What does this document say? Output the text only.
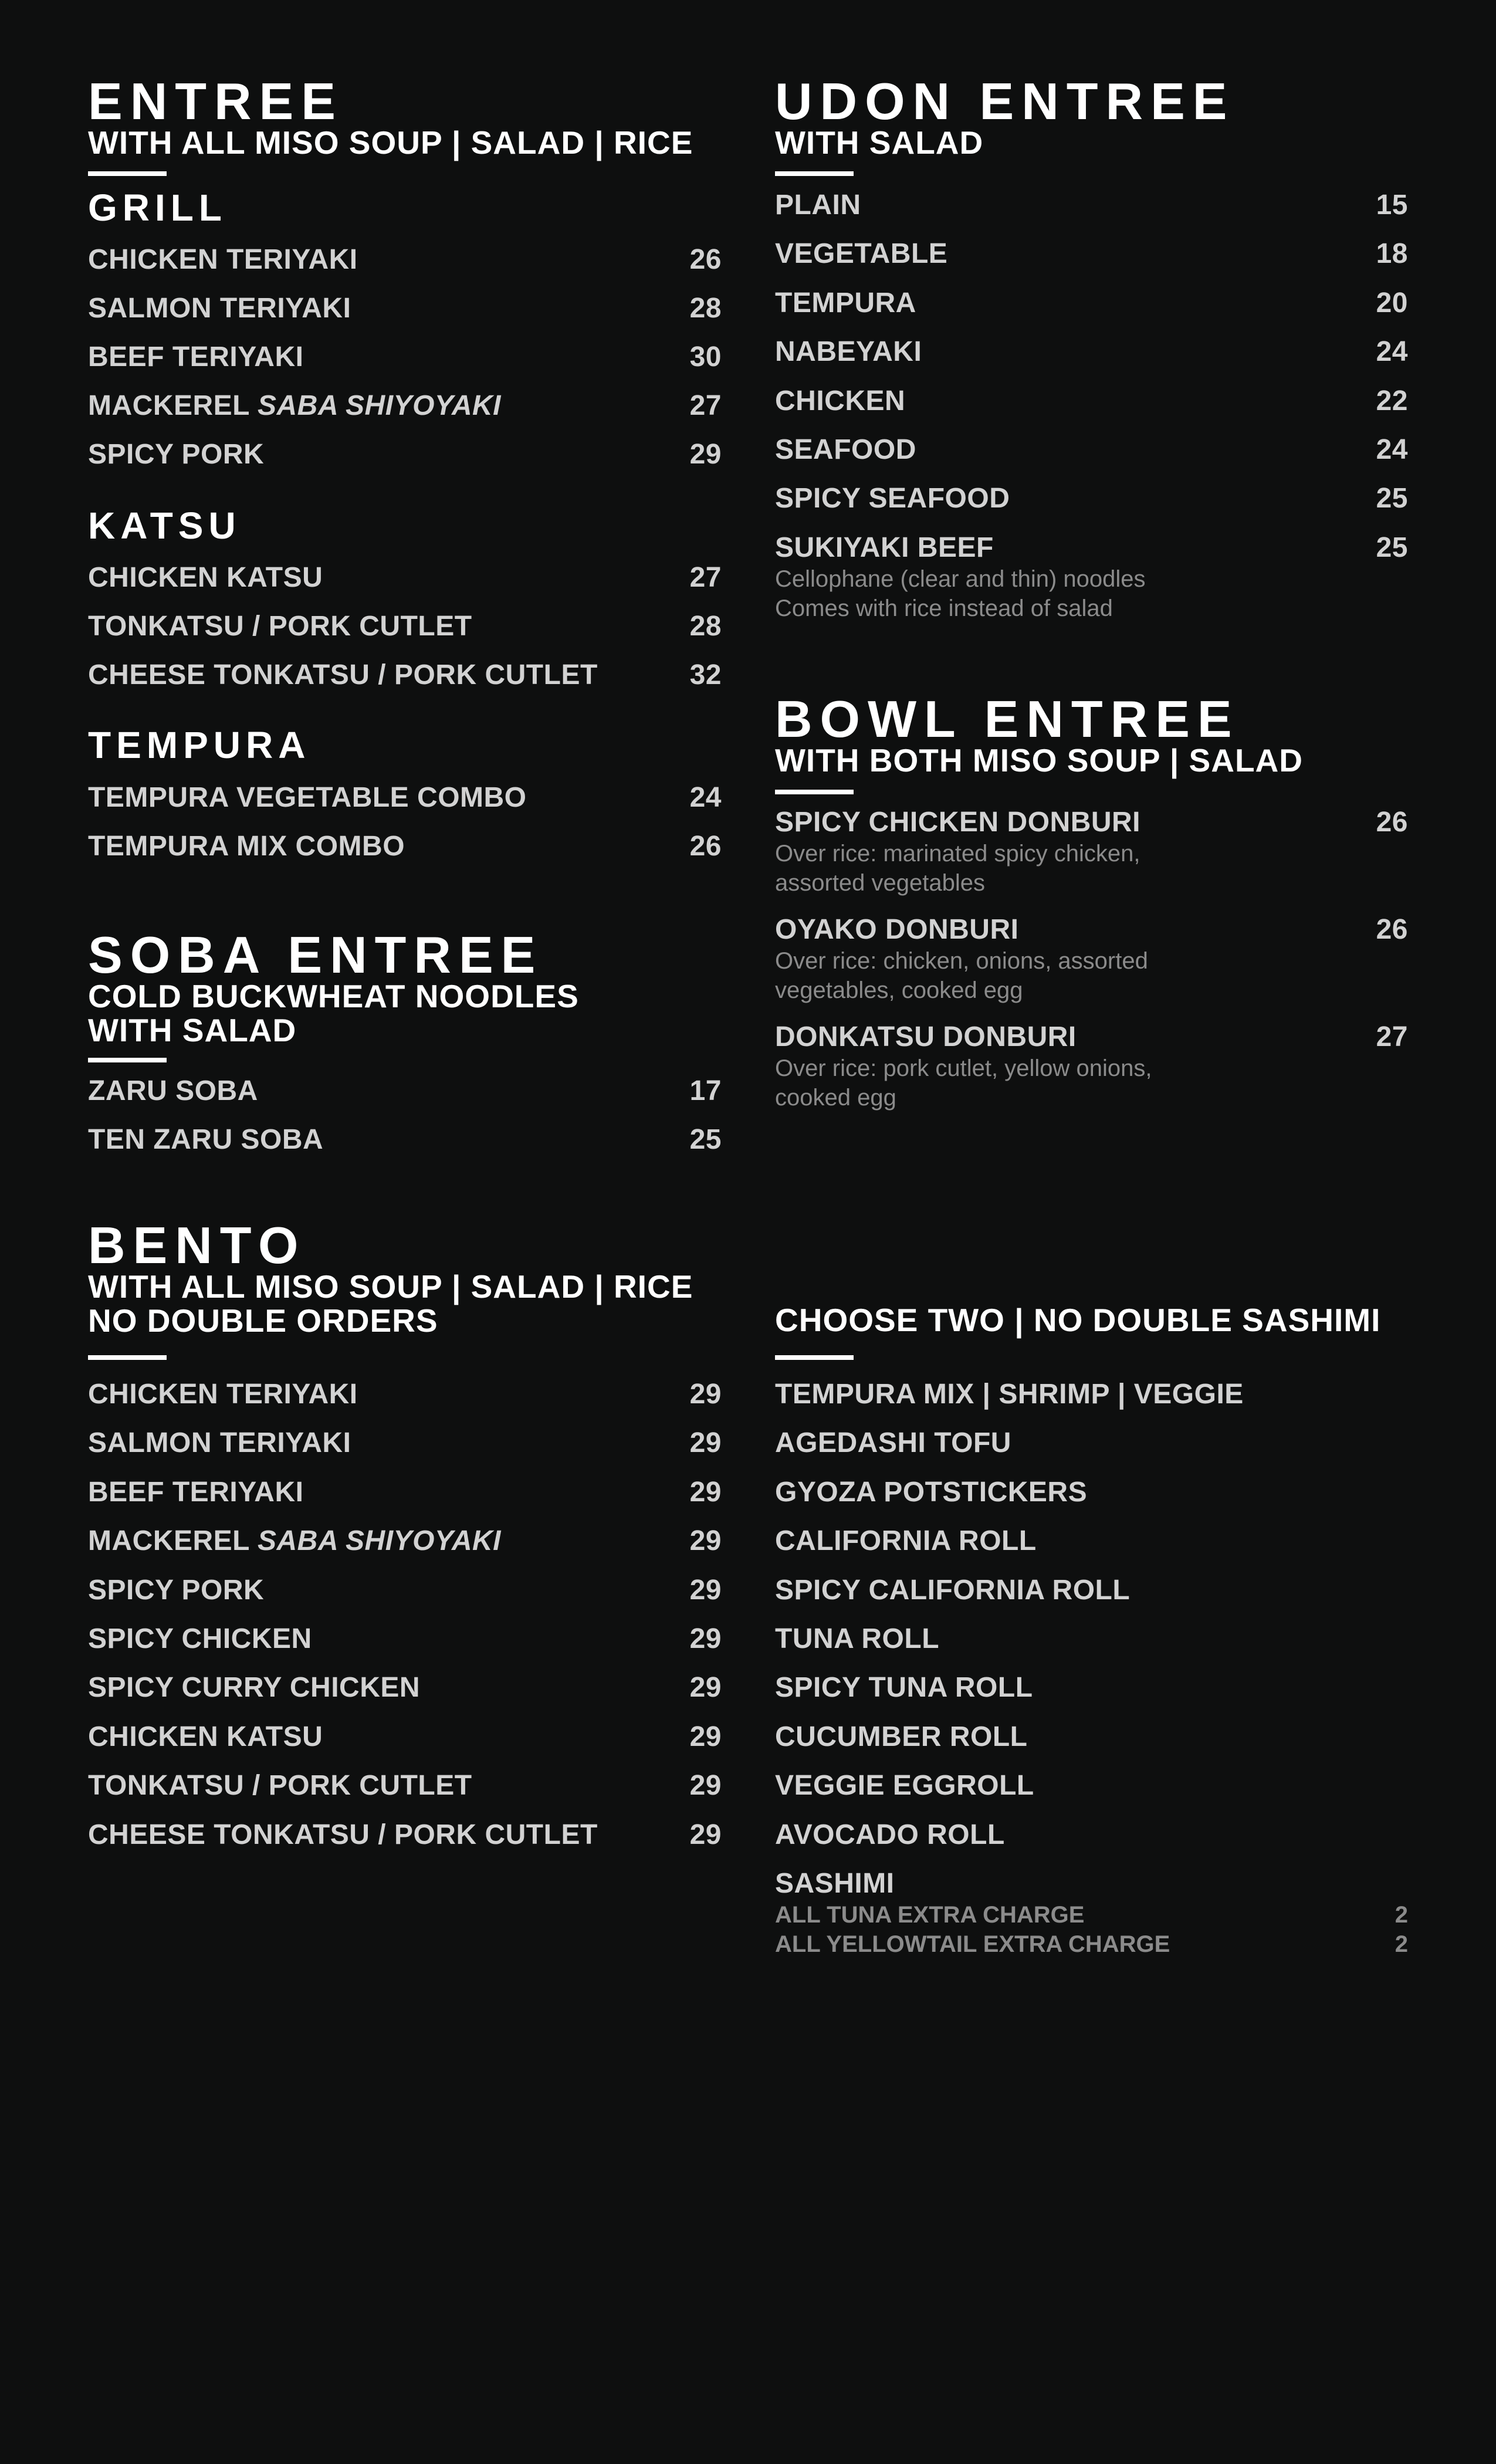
ENTREE
WITH ALL MISO SOUP | SALAD | RICE
GRILL
CHICKEN TERIYAKI	26
SALMON TERIYAKI	28
BEEF TERIYAKI	30
MACKEREL SABA SHIYOYAKI	27
SPICY PORK	29
KATSU
CHICKEN KATSU	27
TONKATSU / PORK CUTLET	28
CHEESE TONKATSU / PORK CUTLET	32
TEMPURA
TEMPURA VEGETABLE COMBO	24
TEMPURA MIX COMBO	26
SOBA ENTREE
COLD BUCKWHEAT NOODLES
WITH SALAD
ZARU SOBA	17
TEN ZARU SOBA	25
BENTO
WITH ALL MISO SOUP | SALAD | RICE
NO DOUBLE ORDERS
CHICKEN TERIYAKI	29
SALMON TERIYAKI	29
BEEF TERIYAKI	29
MACKEREL SABA SHIYOYAKI	29
SPICY PORK	29
SPICY CHICKEN	29
SPICY CURRY CHICKEN	29
CHICKEN KATSU	29
TONKATSU / PORK CUTLET	29
CHEESE TONKATSU / PORK CUTLET	29
UDON ENTREE
WITH SALAD
PLAIN	15
VEGETABLE	18
TEMPURA	20
NABEYAKI	24
CHICKEN	22
SEAFOOD	24
SPICY SEAFOOD	25
SUKIYAKI BEEF	25
Cellophane (clear and thin) noodles
Comes with rice instead of salad
BOWL ENTREE
WITH BOTH MISO SOUP | SALAD
SPICY CHICKEN DONBURI	26
Over rice: marinated spicy chicken,
assorted vegetables
OYAKO DONBURI	26
Over rice: chicken, onions, assorted
vegetables, cooked egg
DONKATSU DONBURI	27
Over rice: pork cutlet, yellow onions,
cooked egg
CHOOSE TWO | NO DOUBLE SASHIMI
TEMPURA MIX | SHRIMP | VEGGIE
AGEDASHI TOFU
GYOZA POTSTICKERS
CALIFORNIA ROLL
SPICY CALIFORNIA ROLL
TUNA ROLL
SPICY TUNA ROLL
CUCUMBER ROLL
VEGGIE EGGROLL
AVOCADO ROLL
SASHIMI
ALL TUNA EXTRA CHARGE	2
ALL YELLOWTAIL EXTRA CHARGE	2
